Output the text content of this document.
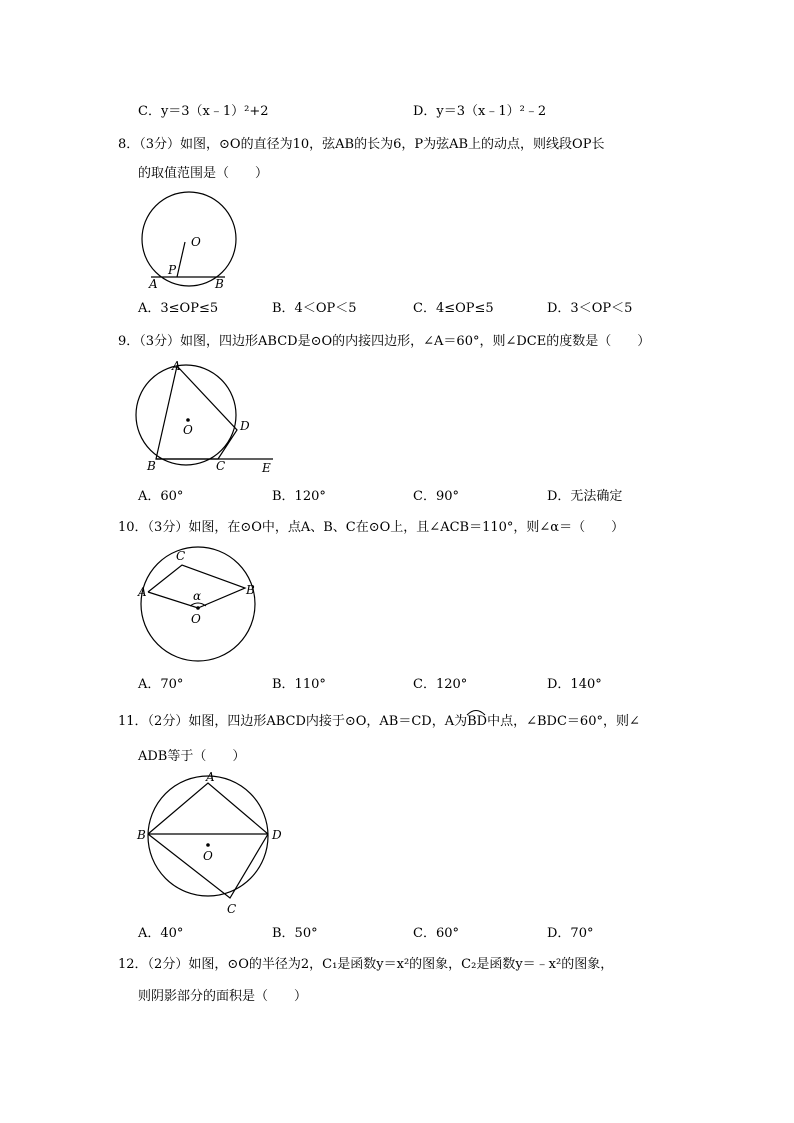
C．y＝3（x﹣1）²+2	D．y＝3（x﹣1）²﹣2
8．（3分）如图，⊙O的直径为10，弦AB的长为6，P为弦AB上的动点，则线段OP长
的取值范围是（　　）
O
P
A	B
A．3≤OP≤5	B．4＜OP＜5	C．4≤OP≤5	D．3＜OP＜5
9．（3分）如图，四边形ABCD是⊙O的内接四边形，∠A＝60°，则∠DCE的度数是（　　）
A
B	C
D
E
O
A．60°	B．120°	C．90°	D．无法确定
10．（3分）如图，在⊙O中，点A、B、C在⊙O上，且∠ACB＝110°，则∠α＝（　　）
C
A	B
α
O
A．70°	B．110°	C．120°	D．140°
11．（2分）如图，四边形ABCD内接于⊙O，AB＝CD，A为
BD中点，∠BDC＝60°，则∠
ADB等于（　　）
A
B	D
C
O
A．40°	B．50°	C．60°	D．70°
12．（2分）如图，⊙O的半径为2，C₁是函数y＝x²的图象，C₂是函数y＝﹣x²的图象，
则阴影部分的面积是（　　）
